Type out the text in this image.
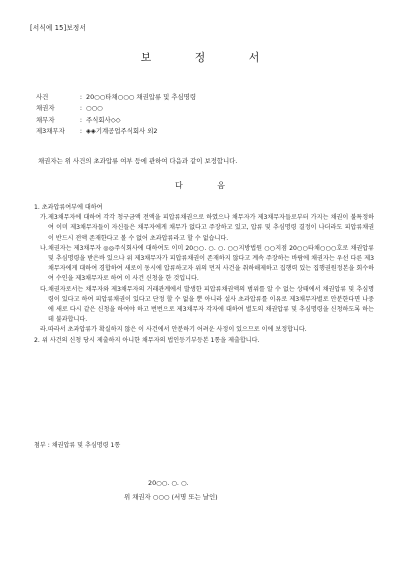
[서식예 15]보정서
보 정 서
사건	: 20○○타채○○○ 채권압류 및 추심명령
채권자	: ○○○
채무자	: 주식회사◇◇
제3채무자 : ◈◈기계공업주식회사 외2
채권자는 위 사건의 초과압류 여부 등에 관하여 다음과 같이 보정합니다.
다 음
1. 초과압류여부에 대하여
가. 제3채무자에 대하여 각각 청구금액 전액을 피압류채권으로 하였으나 채무자가 제3채무자들로부터 가지는 채권이 불특정하여 이미 제3채무자들이 자신들은 채무자에게 채무가 없다고 주장하고 있고, 압류 및 추심명령 결정이 나더라도 피압류채권이 반드시 전액 존재한다고 볼 수 없어 초과압류라고 할 수 없습니다.
나. 채권자는 제3채무자 ◎◎주식회사에 대하여도 이미 20○○. ○. ○. ○○지방법원 ○○지점 20○○타채○○○호로 채권압류 및 추심명령을 받은바 있으나 위 제3채무자가 피압류채권이 존재하지 않다고 계속 주장하는 바람에 채권자는 우선 다른 제3채무자에게 대하여 경합하여 새로이 동시에 압류하고자 위의 먼저 사건을 취하해제하고 집행력 있는 집행권원정본을 회수하여 수인을 제3채무자로 하여 이 사건 신청을 한 것입니다.
다. 채권자로서는 채무자와 제3채무자의 거래관계에서 발생한 피압류채권액의 범위를 알 수 없는 상태에서 채권압류 및 추심명령이 있다고 하여 피압류채권이 있다고 단정 할 수 없을 뿐 아니라 설사 초과압류를 이유로 제3채무자별로 안분한다면 나중에 새로 다시 같은 신청을 하여야 하고 번번으로 제3채무자 각자에 대하여 별도의 채권압류 및 추심명령을 신청하도록 하는 데 불과합니다.
라. 따라서 초과압류가 확실하지 않은 이 사건에서 안분하기 어려운 사정이 있으므로 이에 보정합니다.
2. 위 사건의 신청 당시 제출하지 아니한 채무자의 법인등기부등본 1통을 제출합니다.
첨부 : 채권압류 및 추심명령 1통
20○○. ○. ○.
위 채권자 ○○○ (서명 또는 날인)
